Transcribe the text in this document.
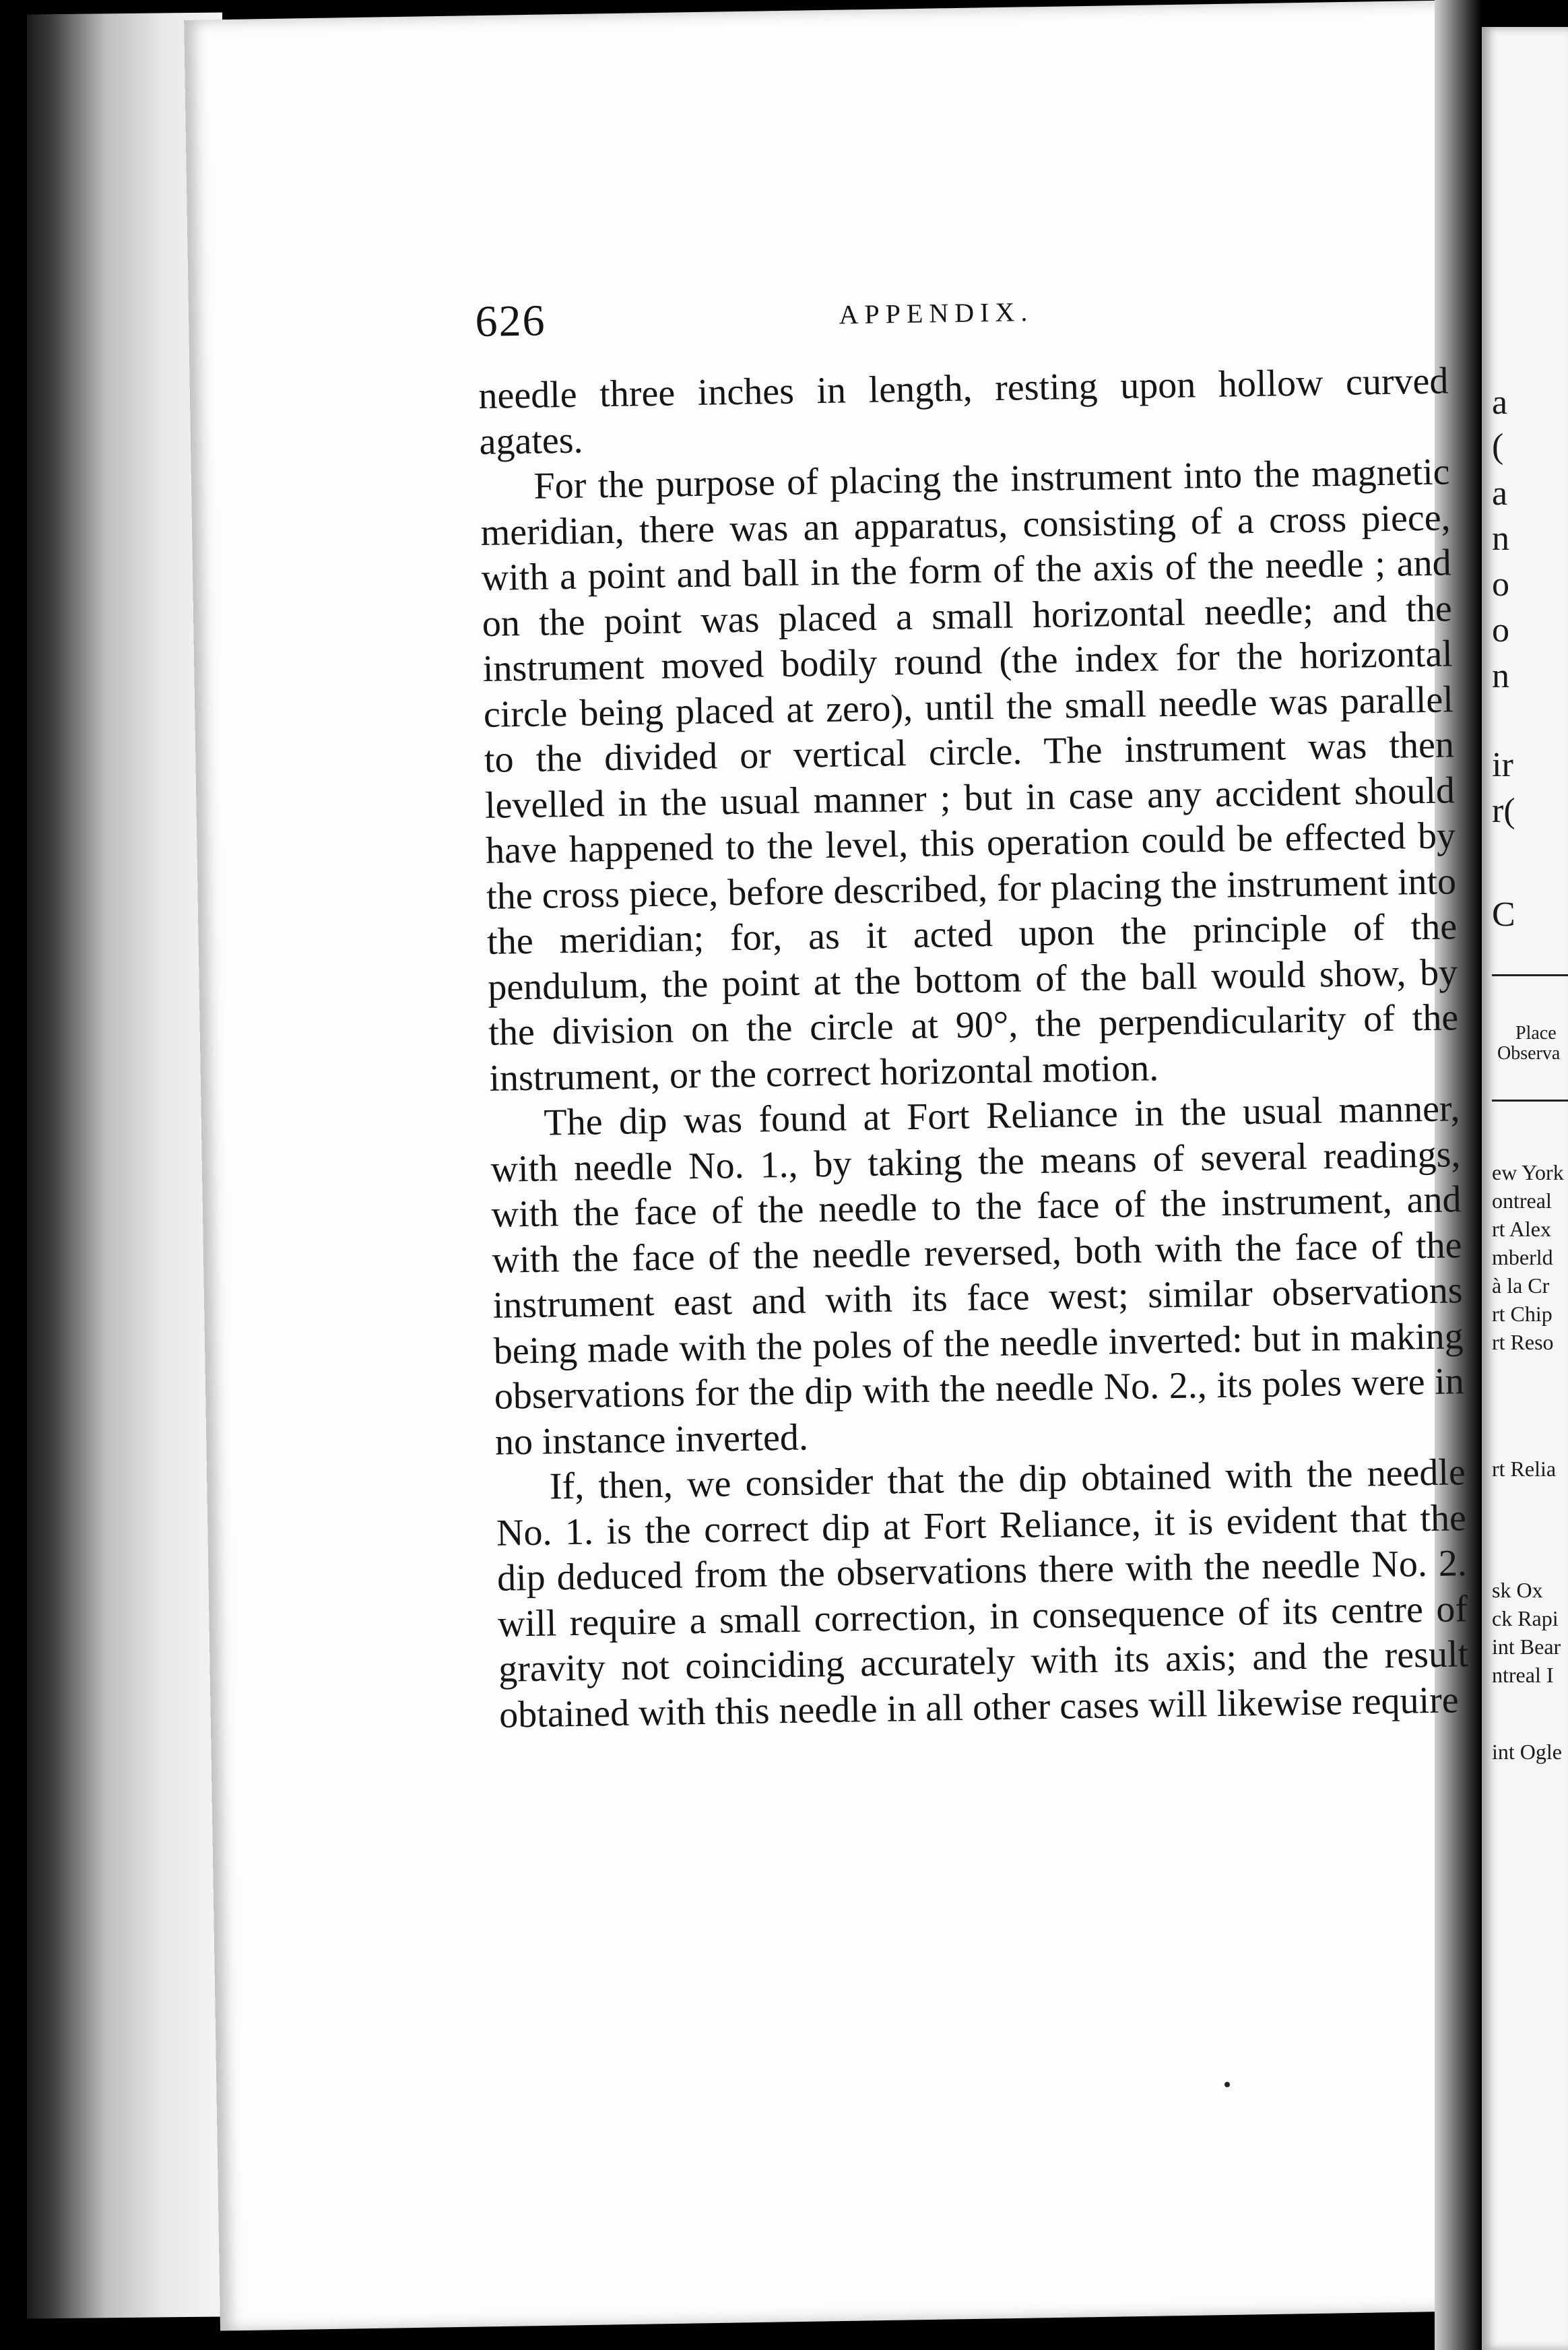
626	APPENDIX.

needle three inches in length, resting upon hollow curved agates.

For the purpose of placing the instrument into the magnetic meridian, there was an apparatus, consisting of a cross piece, with a point and ball in the form of the axis of the needle ; and on the point was placed a small horizontal needle; and the instrument moved bodily round (the index for the horizontal circle being placed at zero), until the small needle was parallel to the divided or vertical circle. The instrument was then levelled in the usual manner ; but in case any accident should have happened to the level, this operation could be effected by the cross piece, before described, for placing the instrument into the meridian; for, as it acted upon the principle of the pendulum, the point at the bottom of the ball would show, by the division on the circle at 90°, the perpendicularity of the instrument, or the correct horizontal motion.

The dip was found at Fort Reliance in the usual manner, with needle No. 1., by taking the means of several readings, with the face of the needle to the face of the instrument, and with the face of the needle reversed, both with the face of the instrument east and with its face west; similar observations being made with the poles of the needle inverted: but in making observations for the dip with the needle No. 2., its poles were in no instance inverted.

If, then, we consider that the dip obtained with the needle No. 1. is the correct dip at Fort Reliance, it is evident that the dip deduced from the observations there with the needle No. 2. will require a small correction, in consequence of its centre of gravity not coinciding accurately with its axis; and the result obtained with this needle in all other cases will likewise require

a
(
a
n
o
o
n
ir
r(
C
Place
Observa
ew York
ontreal
rt Alex
mberld
à la Cr
rt Chip
rt Reso
rt Relia
sk Ox
ck Rapi
int Bear
ntreal I
int Ogle
